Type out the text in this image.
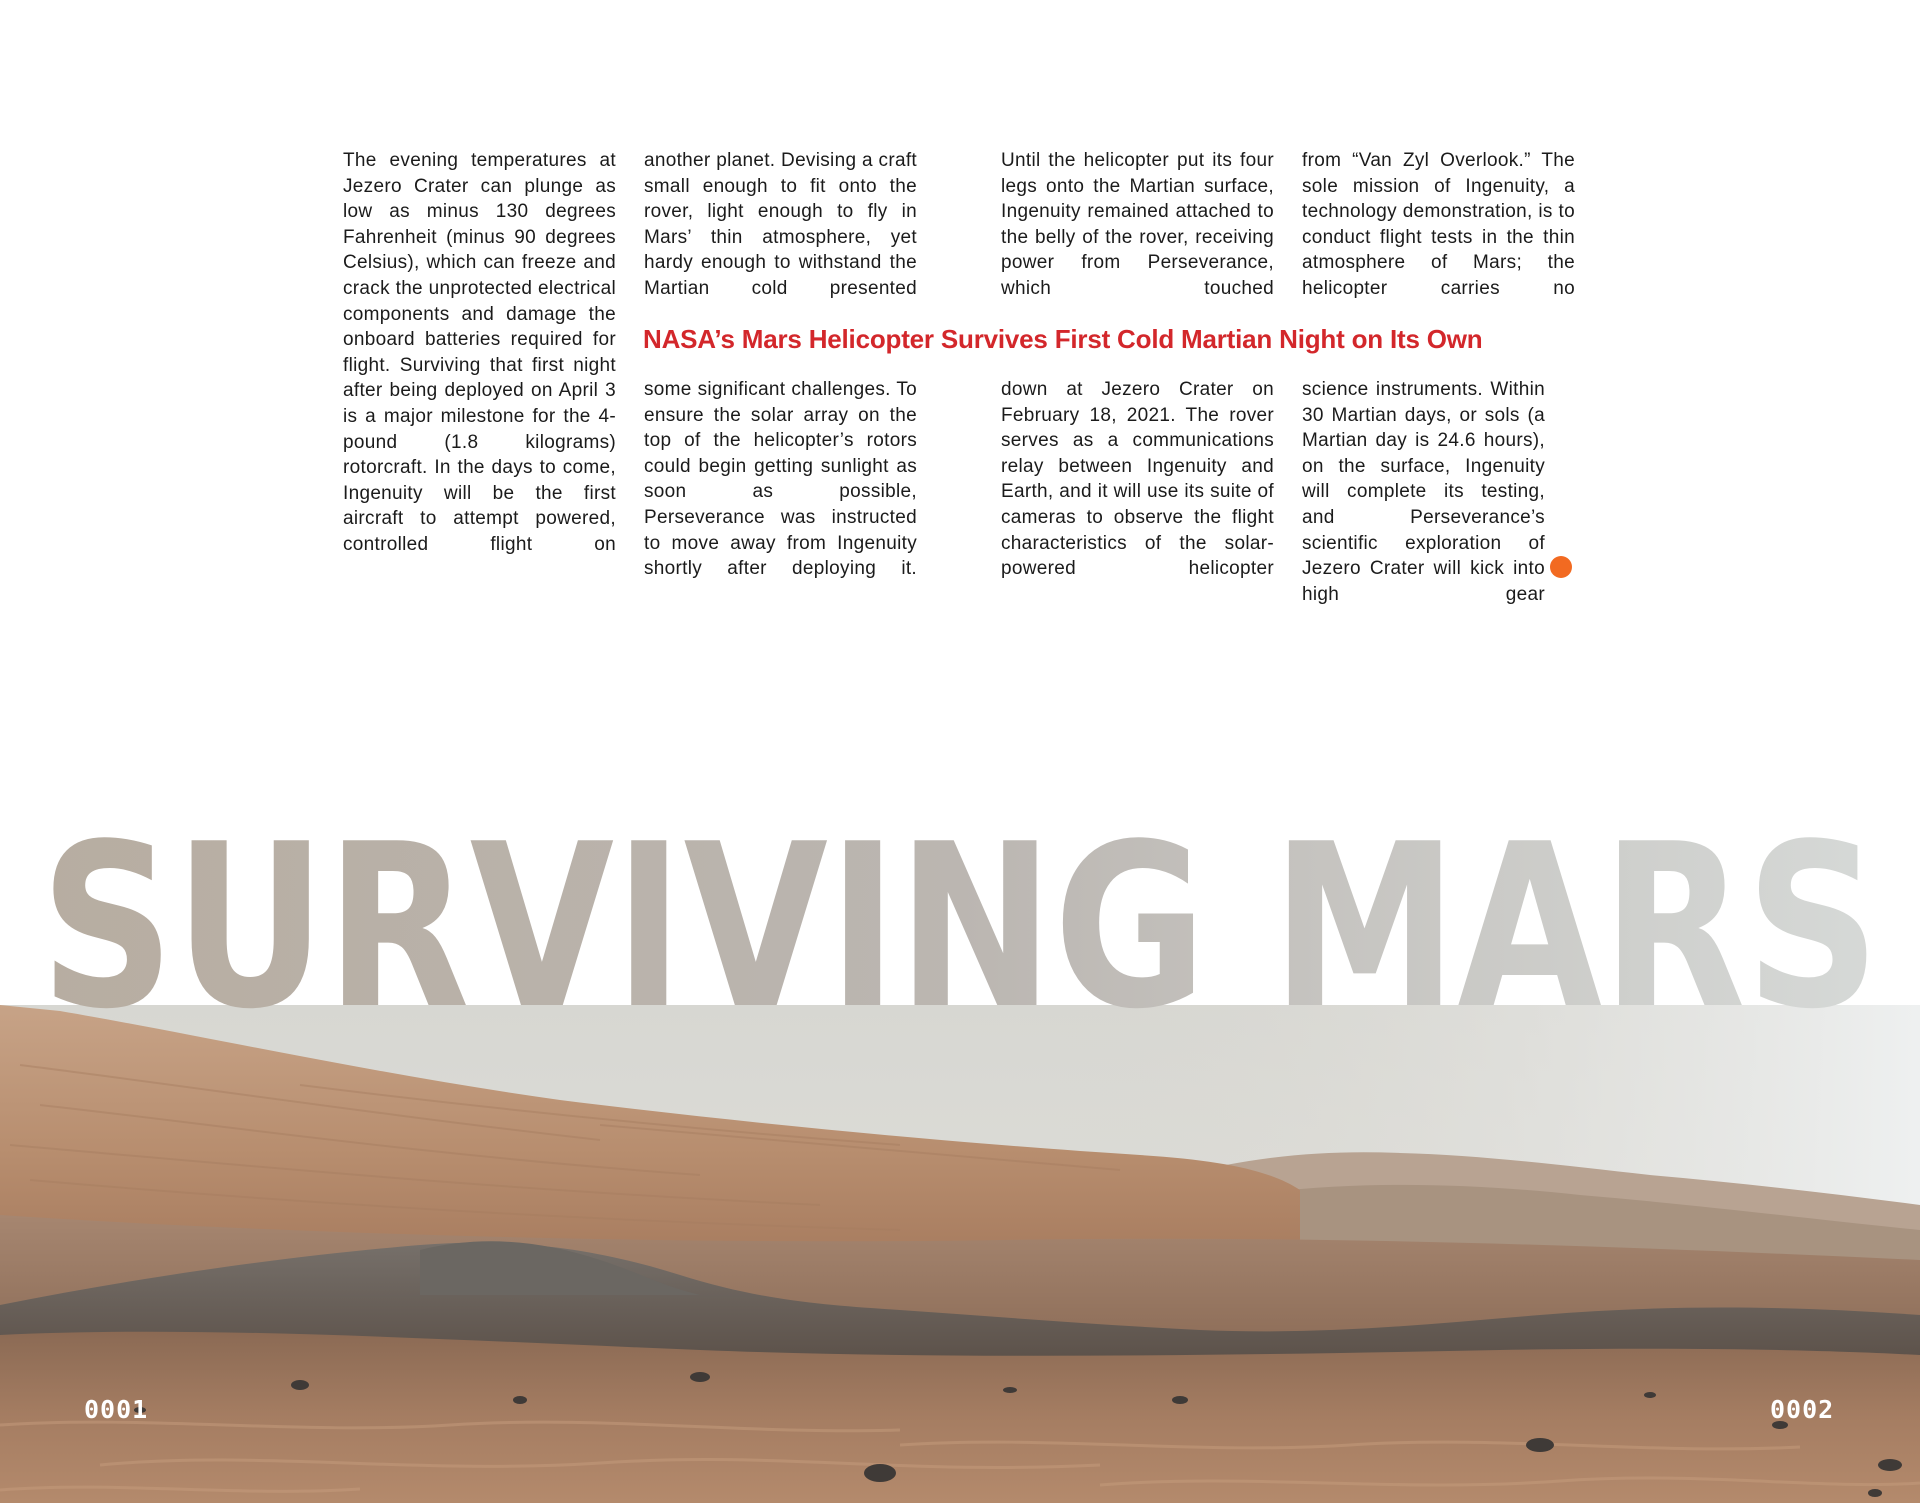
SURVIVING MARS

The evening temperatures at Jezero Crater can plunge as low as minus 130 degrees Fahrenheit (minus 90 degrees Celsius), which can freeze and crack the unprotected electrical components and damage the onboard batteries required for flight. Surviving that first night after being deployed on April 3 is a major milestone for the 4-pound (1.8 kilograms) rotorcraft. In the days to come, Ingenuity will be the first aircraft to attempt powered, controlled flight on

another planet. Devising a craft small enough to fit onto the rover, light enough to fly in Mars’ thin atmosphere, yet hardy enough to withstand the Martian cold presented

Until the helicopter put its four legs onto the Martian surface, Ingenuity remained attached to the belly of the rover, receiving power from Perseverance, which touched

from “Van Zyl Overlook.” The sole mission of Ingenuity, a technology demonstration, is to conduct flight tests in the thin atmosphere of Mars; the helicopter carries no

NASA’s Mars Helicopter Survives First Cold Martian Night on Its Own

some significant challenges. To ensure the solar array on the top of the helicopter’s rotors could begin getting sunlight as soon as possible, Perseverance was instructed to move away from Ingenuity shortly after deploying it.

down at Jezero Crater on February 18, 2021. The rover serves as a communications relay between Ingenuity and Earth, and it will use its suite of cameras to observe the flight characteristics of the solar-powered helicopter

science instruments. Within 30 Martian days, or sols (a Martian day is 24.6 hours), on the surface, Ingenuity will complete its testing, and Perseverance’s scientific exploration of Jezero Crater will kick into high gear

0001	0002
